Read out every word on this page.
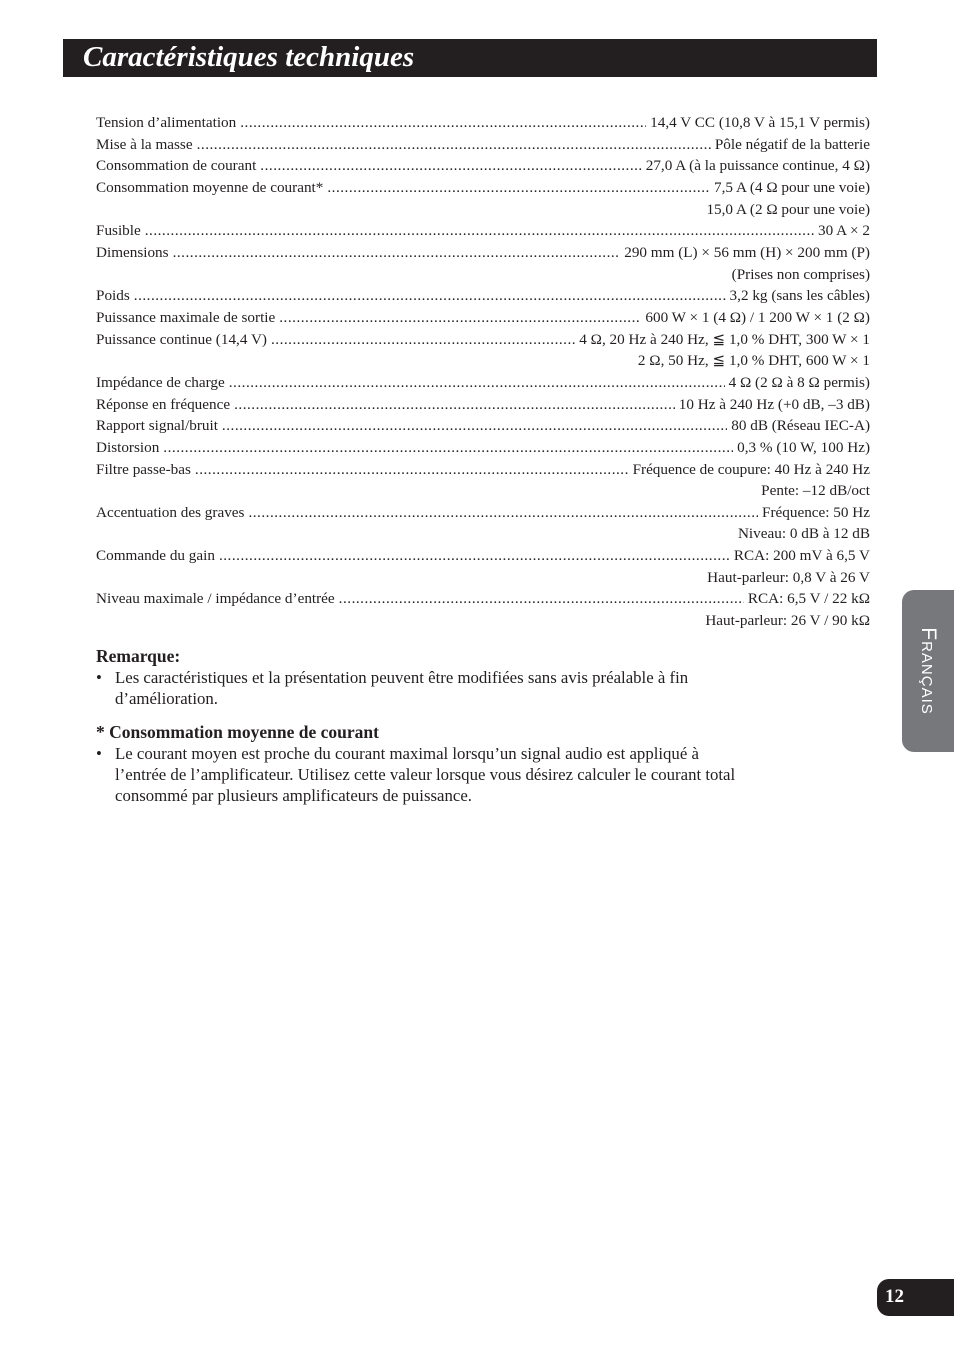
Caractéristiques techniques
Tension d’alimentation .....	14,4 V CC (10,8 V à 15,1 V permis)
Mise à la masse .....	Pôle négatif de la batterie
Consommation de courant .....	27,0 A (à la puissance continue, 4 Ω)
Consommation moyenne de courant* .....	7,5 A (4 Ω pour une voie)
15,0 A (2 Ω pour une voie)
Fusible .....	30 A × 2
Dimensions .....	290 mm (L) × 56 mm (H) × 200 mm (P)
(Prises non comprises)
Poids .....	3,2 kg (sans les câbles)
Puissance maximale de sortie .....	600 W × 1 (4 Ω) / 1 200 W × 1 (2 Ω)
Puissance continue (14,4 V) .....	4 Ω, 20 Hz à 240 Hz, ≦ 1,0 % DHT, 300 W × 1
2 Ω, 50 Hz, ≦ 1,0 % DHT, 600 W × 1
Impédance de charge .....	4 Ω (2 Ω à 8 Ω permis)
Réponse en fréquence .....	10 Hz à 240 Hz (+0 dB, –3 dB)
Rapport signal/bruit .....	80 dB (Réseau IEC-A)
Distorsion .....	0,3 % (10 W, 100 Hz)
Filtre passe-bas .....	Fréquence de coupure: 40 Hz à 240 Hz
Pente: –12 dB/oct
Accentuation des graves .....	Fréquence: 50 Hz
Niveau: 0 dB à 12 dB
Commande du gain .....	RCA: 200 mV à 6,5 V
Haut-parleur: 0,8 V à 26 V
Niveau maximale / impédance d’entrée .....	RCA: 6,5 V / 22 kΩ
Haut-parleur: 26 V / 90 kΩ
Remarque:
• Les caractéristiques et la présentation peuvent être modifiées sans avis préalable à fin d’amélioration.
* Consommation moyenne de courant
• Le courant moyen est proche du courant maximal lorsqu’un signal audio est appliqué à l’entrée de l’amplificateur. Utilisez cette valeur lorsque vous désirez calculer le courant total consommé par plusieurs amplificateurs de puissance.
Français
12
